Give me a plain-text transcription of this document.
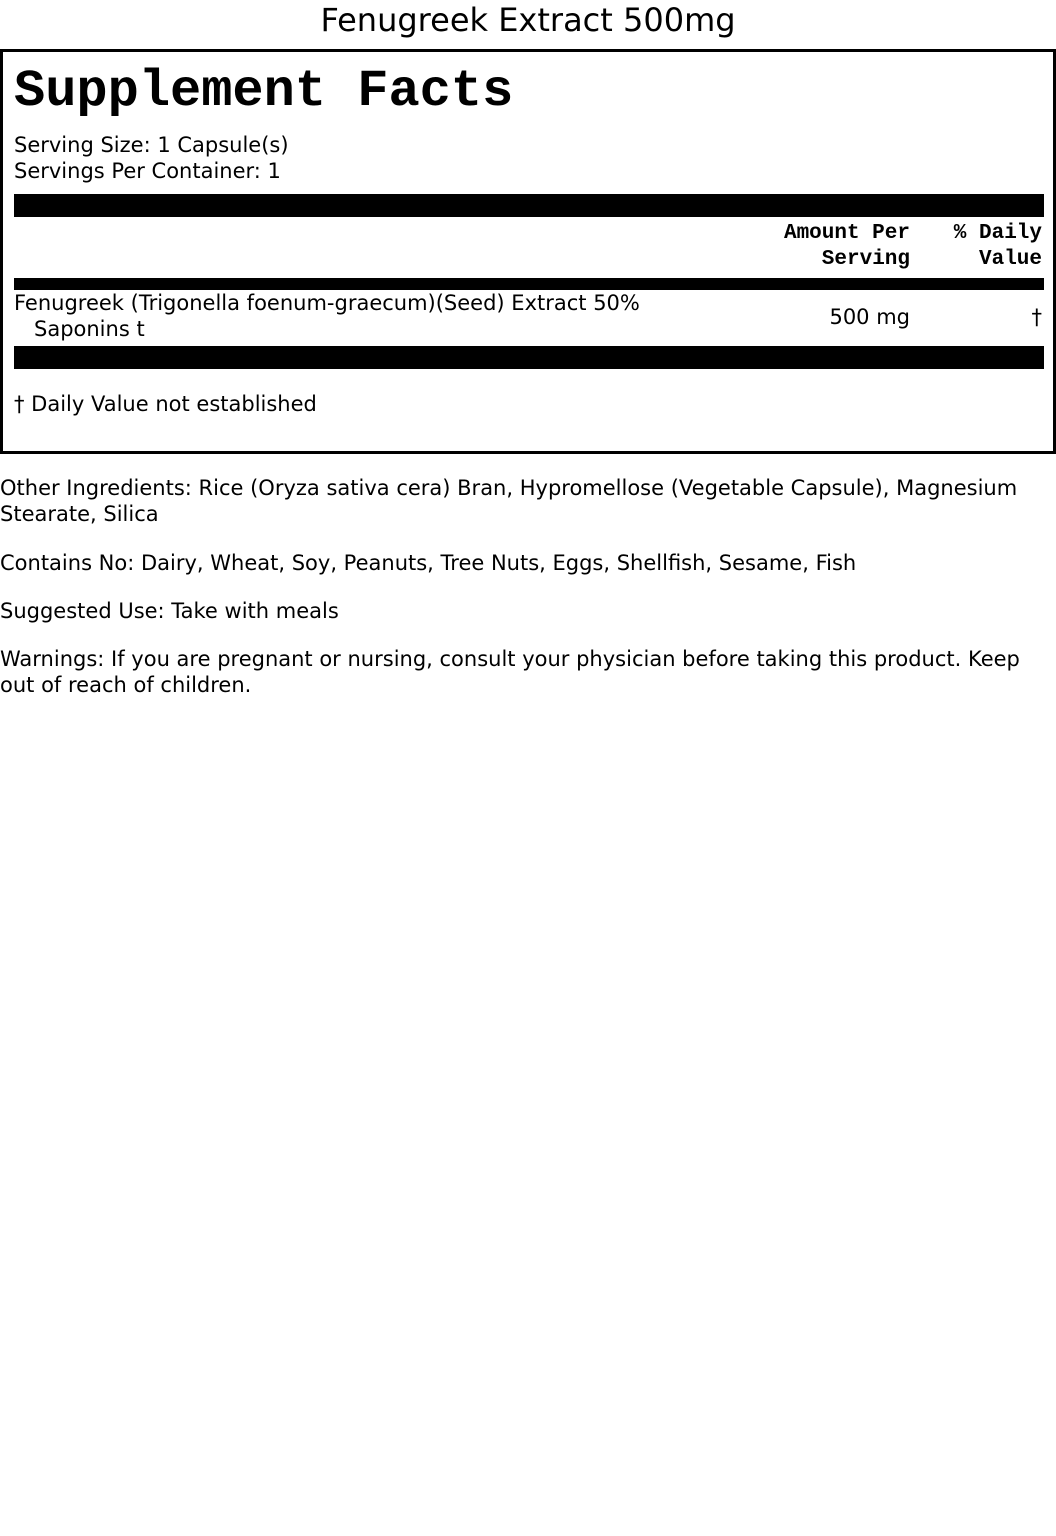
Fenugreek Extract 500mg
Supplement Facts
Serving Size: 1 Capsule(s)
Servings Per Container: 1
Amount Per
Serving
% Daily
Value
Fenugreek (Trigonella foenum-graecum)(Seed) Extract 50%
Saponins t	500 mg	†
† Daily Value not established
Other Ingredients: Rice (Oryza sativa cera) Bran, Hypromellose (Vegetable Capsule), Magnesium Stearate, Silica
Contains No: Dairy, Wheat, Soy, Peanuts, Tree Nuts, Eggs, Shellfish, Sesame, Fish
Suggested Use: Take with meals
Warnings: If you are pregnant or nursing, consult your physician before taking this product. Keep out of reach of children.
